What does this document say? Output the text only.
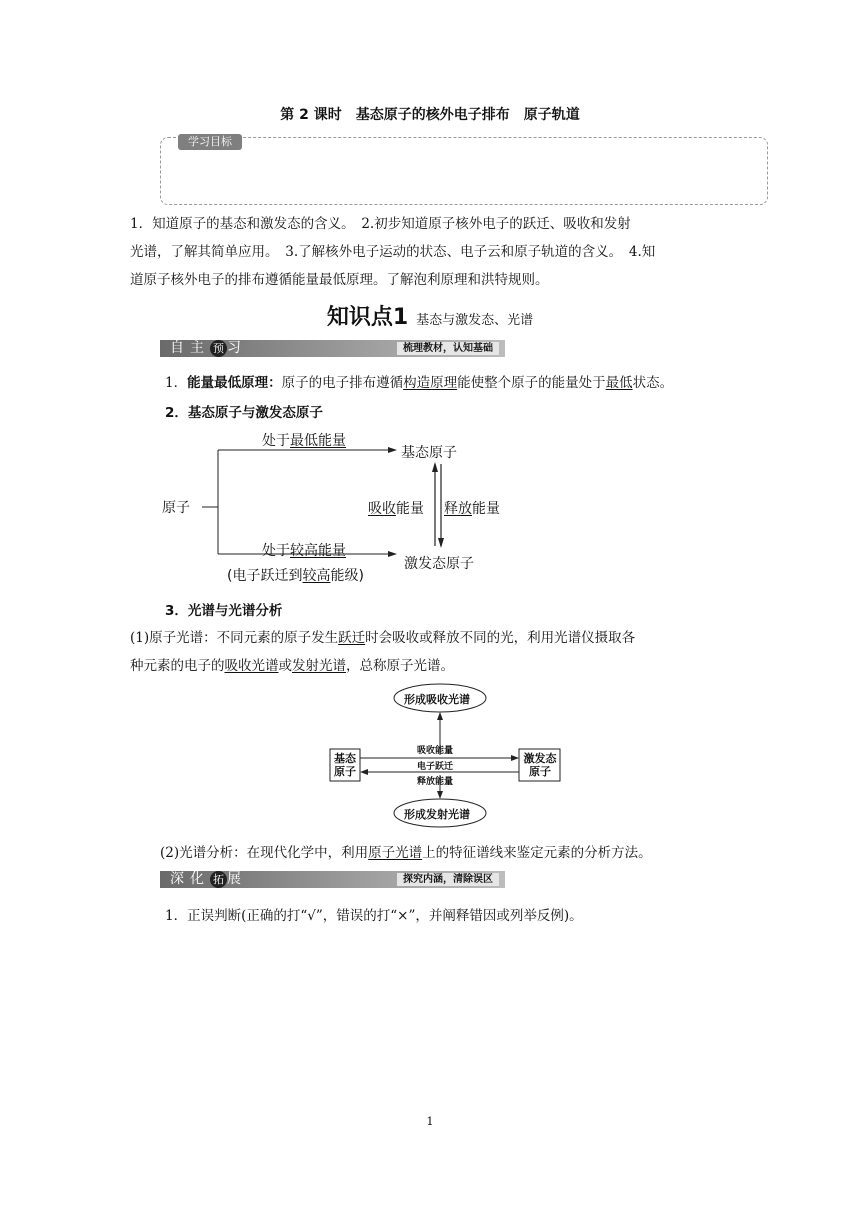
第 2 课时　基态原子的核外电子排布　原子轨道
学习目标
1．知道原子的基态和激发态的含义。　2.初步知道原子核外电子的跃迁、吸收和发射
光谱，了解其简单应用。　3.了解核外电子运动的状态、电子云和原子轨道的含义。　4.知
道原子核外电子的排布遵循能量最低原理。了解泡利原理和洪特规则。
知识点1 基态与激发态、光谱
自主 预 习	梳理教材，认知基础
1．能量最低原理：原子的电子排布遵循构造原理能使整个原子的能量处于最低状态。
2．基态原子与激发态原子
原子
处于最低能量
基态原子
吸收能量 释放能量
处于较高能量
(电子跃迁到较高能级)
激发态原子
3．光谱与光谱分析
(1)原子光谱：不同元素的原子发生跃迁时会吸收或释放不同的光，利用光谱仪摄取各
种元素的电子的吸收光谱或发射光谱，总称原子光谱。
形成吸收光谱
形成发射光谱
基态
原子
激发态
原子
吸收能量
电子跃迁
释放能量
(2)光谱分析：在现代化学中，利用原子光谱上的特征谱线来鉴定元素的分析方法。
深化 拓 展	探究内涵，清除误区
1．正误判断(正确的打“√”，错误的打“×”，并阐释错因或列举反例)。
1
